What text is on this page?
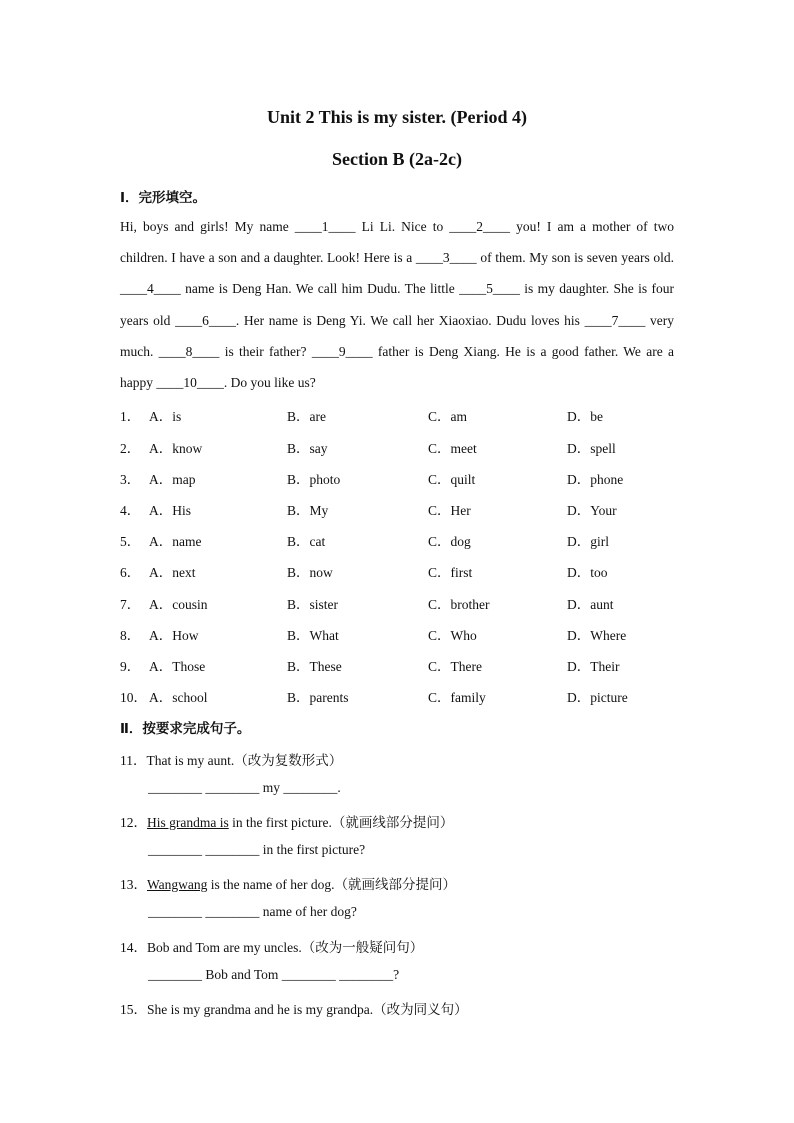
Unit 2 This is my sister. (Period 4)
Section B (2a-2c)
Ⅰ．完形填空。

Hi, boys and girls! My name ____1____ Li Li. Nice to ____2____ you! I am a mother of two children. I have a son and a daughter. Look! Here is a ____3____ of them. My son is seven years old. ____4____ name is Deng Han. We call him Dudu. The little ____5____ is my daughter. She is four years old ____6____. Her name is Deng Yi. We call her Xiaoxiao. Dudu loves his ____7____ very much. ____8____ is their father? ____9____ father is Deng Xiang. He is a good father. We are a happy ____10____. Do you like us?

1． A．is	B．are	C．am	D．be
2． A．know	B．say	C．meet	D．spell
3． A．map	B．photo	C．quilt	D．phone
4． A．His	B．My	C．Her	D．Your
5． A．name	B．cat	C．dog	D．girl
6． A．next	B．now	C．first	D．too
7． A．cousin	B．sister	C．brother	D．aunt
8． A．How	B．What	C．Who	D．Where
9． A．Those	B．These	C．There	D．Their
10． A．school	B．parents	C．family	D．picture
Ⅱ．按要求完成句子。
11．That is my aunt.（改为复数形式）
________ ________ my ________.
12．His grandma is in the first picture.（就画线部分提问）
________ ________ in the first picture?
13．Wangwang is the name of her dog.（就画线部分提问）
________ ________ name of her dog?
14．Bob and Tom are my uncles.（改为一般疑问句）
________ Bob and Tom ________ ________?
15．She is my grandma and he is my grandpa.（改为同义句）
